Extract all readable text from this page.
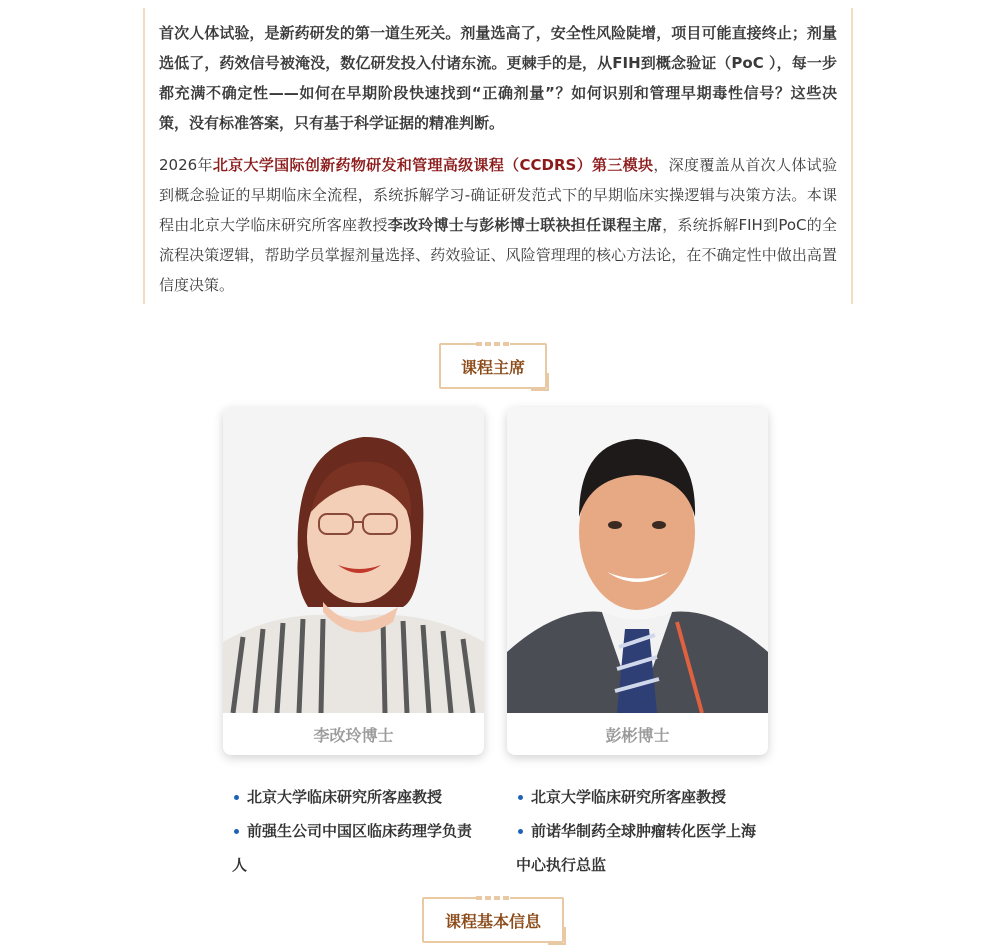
首次人体试验，是新药研发的第一道生死关。剂量选高了，安全性风险陡增，项目可能直接终止；剂量选低了，药效信号被淹没，数亿研发投入付诸东流。更棘手的是，从FIH到概念验证（PoC ），每一步都充满不确定性——如何在早期阶段快速找到“正确剂量”？如何识别和管理早期毒性信号？这些决策，没有标准答案，只有基于科学证据的精准判断。

2026年北京大学国际创新药物研发和管理高级课程（CCDRS）第三模块，深度覆盖从首次人体试验到概念验证的早期临床全流程，系统拆解学习-确证研发范式下的早期临床实操逻辑与决策方法。本课程由北京大学临床研究所客座教授李改玲博士与彭彬博士联袂担任课程主席，系统拆解FIH到PoC的全流程决策逻辑，帮助学员掌握剂量选择、药效验证、风险管理理的核心方法论，在不确定性中做出高置信度决策。

课程主席
李改玲博士	彭彬博士
北京大学临床研究所客座教授
前强生公司中国区临床药理学负责人
北京大学临床研究所客座教授
前诺华制药全球肿瘤转化医学上海中心执行总监
课程基本信息
